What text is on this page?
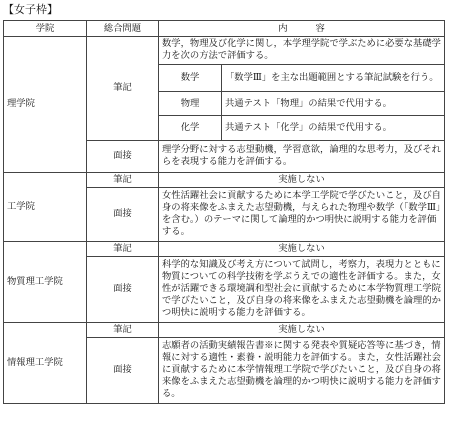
【女子枠】
学院	総合問題	内　　　容
理学院	筆記	
数学，物理及び化学に関し，本学理学院で学ぶために必要な基礎学力を次の方法で評価する。
数学	「数学Ⅲ」を主な出題範囲とする筆記試験を行う。
物理	共通テスト「物理」の結果で代用する。
化学	共通テスト「化学」の結果で代用する。

面接	理学分野に対する志望動機，学習意欲，論理的な思考力，及びそれらを表現する能力を評価する。
工学院	筆記	実施しない
面接	女性活躍社会に貢献するために本学工学院で学びたいこと，及び自身の将来像をふまえた志望動機，与えられた物理や数学（「数学Ⅲ」を含む。）のテーマに関して論理的かつ明快に説明する能力を評価する。
物質理工学院	筆記	実施しない
面接	科学的な知識及び考え方について試問し，考察力，表現力とともに物質についての科学技術を学ぶうえでの適性を評価する。また，女性が活躍できる環境調和型社会に貢献するために本学物質理工学院で学びたいこと，及び自身の将来像をふまえた志望動機を論理的かつ明快に説明する能力を評価する。
情報理工学院	筆記	実施しない
面接	志願者の活動実績報告書※に関する発表や質疑応答等に基づき，情報に対する適性・素養・説明能力を評価する。また，女性活躍社会に貢献するために本学情報理工学院で学びたいこと，及び自身の将来像をふまえた志望動機を論理的かつ明快に説明する能力を評価する。
